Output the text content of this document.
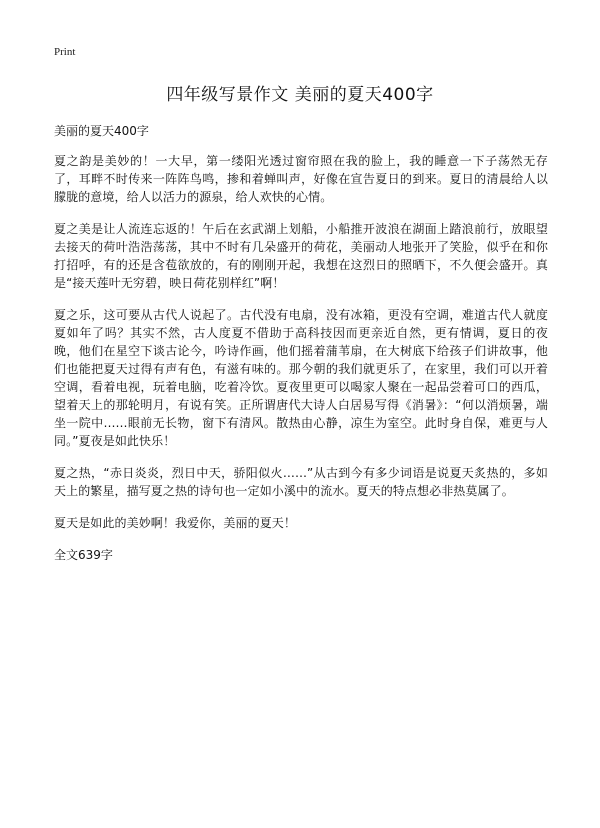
Print
四年级写景作文 美丽的夏天400字

美丽的夏天400字

夏之韵是美妙的！一大早，第一缕阳光透过窗帘照在我的脸上，我的睡意一下子荡然无存了，耳畔不时传来一阵阵鸟鸣，掺和着蝉叫声，好像在宣告夏日的到来。夏日的清晨给人以朦胧的意境，给人以活力的源泉，给人欢快的心情。

夏之美是让人流连忘返的！午后在玄武湖上划船，小船推开波浪在湖面上踏浪前行，放眼望去接天的荷叶浩浩荡荡，其中不时有几朵盛开的荷花，美丽动人地张开了笑脸，似乎在和你打招呼，有的还是含苞欲放的，有的刚刚开起，我想在这烈日的照晒下，不久便会盛开。真是“接天莲叶无穷碧，映日荷花别样红”啊！

夏之乐，这可要从古代人说起了。古代没有电扇，没有冰箱，更没有空调，难道古代人就度夏如年了吗？其实不然，古人度夏不借助于高科技因而更亲近自然，更有情调，夏日的夜晚，他们在星空下谈古论今，吟诗作画，他们摇着蒲苇扇，在大树底下给孩子们讲故事，他们也能把夏天过得有声有色，有滋有味的。那今朝的我们就更乐了，在家里，我们可以开着空调，看着电视，玩着电脑，吃着冷饮。夏夜里更可以喝家人聚在一起品尝着可口的西瓜，望着天上的那轮明月，有说有笑。正所谓唐代大诗人白居易写得《消暑》：“何以消烦暑，端坐一院中……眼前无长物，窗下有清风。散热由心静，凉生为室空。此时身自保，难更与人同。”夏夜是如此快乐！

夏之热，“赤日炎炎，烈日中天，骄阳似火……”从古到今有多少词语是说夏天炙热的，多如天上的繁星，描写夏之热的诗句也一定如小溪中的流水。夏天的特点想必非热莫属了。

夏天是如此的美妙啊！我爱你，美丽的夏天！

全文639字
